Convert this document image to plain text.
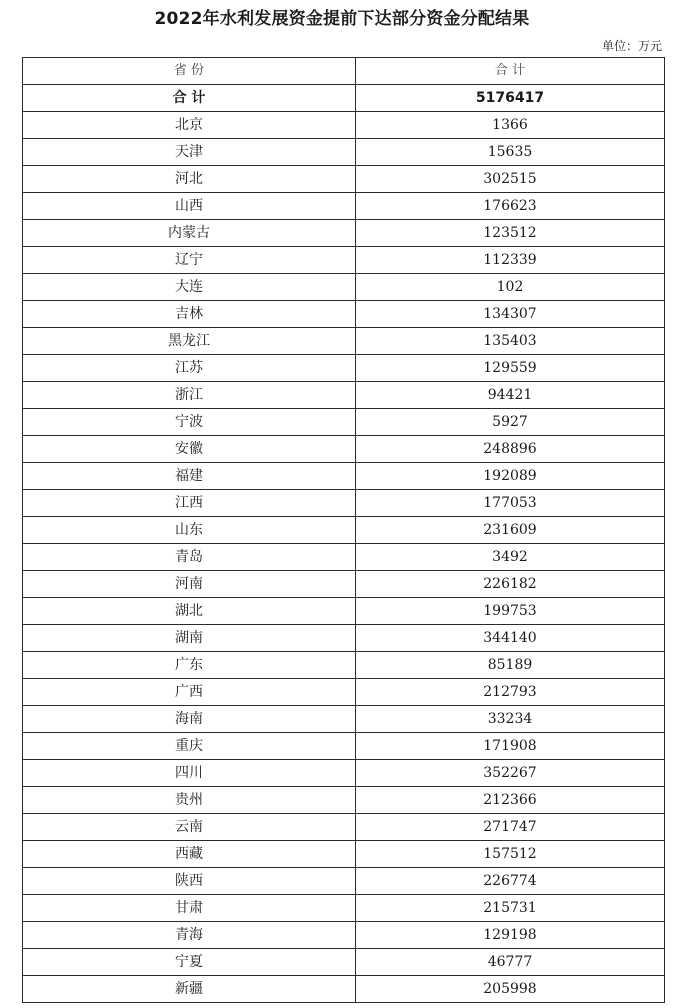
2022年水利发展资金提前下达部分资金分配结果
单位：万元
省 份	合 计
合 计	5176417
北京	1366
天津	15635
河北	302515
山西	176623
内蒙古	123512
辽宁	112339
大连	102
吉林	134307
黑龙江	135403
江苏	129559
浙江	94421
宁波	5927
安徽	248896
福建	192089
江西	177053
山东	231609
青岛	3492
河南	226182
湖北	199753
湖南	344140
广东	85189
广西	212793
海南	33234
重庆	171908
四川	352267
贵州	212366
云南	271747
西藏	157512
陕西	226774
甘肃	215731
青海	129198
宁夏	46777
新疆	205998
